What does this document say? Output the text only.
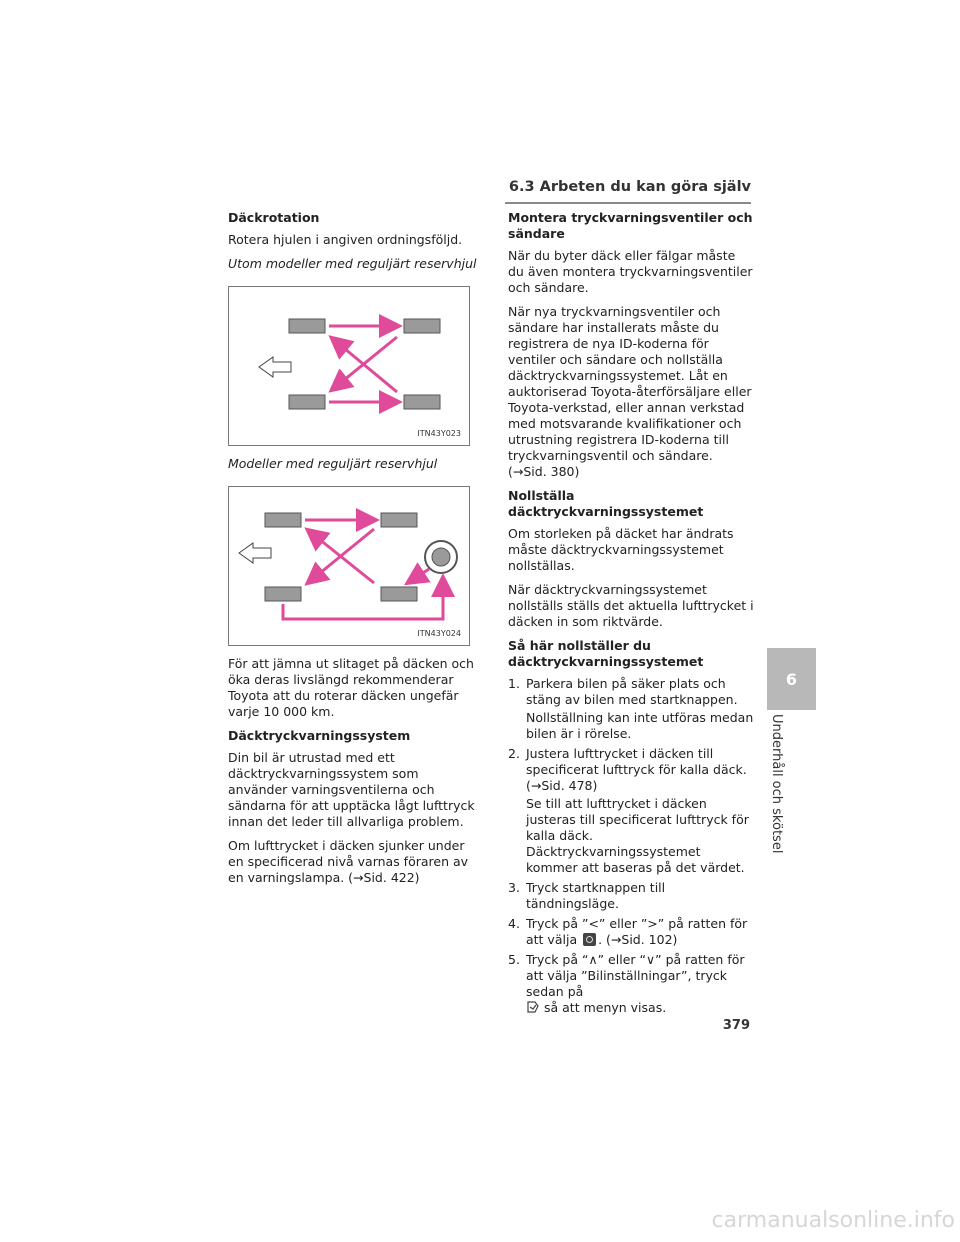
6.3 Arbeten du kan göra själv
Däckrotation
Rotera hjulen i angiven ordningsföljd.
Utom modeller med reguljärt reservhjul
ITN43Y023
Modeller med reguljärt reservhjul
ITN43Y024
För att jämna ut slitaget på däcken och öka deras livslängd rekommenderar Toyota att du roterar däcken ungefär varje 10 000 km.
Däcktryckvarningssystem
Din bil är utrustad med ett däcktryckvarningssystem som använder varningsventilerna och sändarna för att upptäcka lågt lufttryck innan det leder till allvarliga problem.
Om lufttrycket i däcken sjunker under en specificerad nivå varnas föraren av en varningslampa. (→Sid. 422)
Montera tryckvarningsventiler och sändare
När du byter däck eller fälgar måste du även montera tryckvarningsventiler och sändare.
När nya tryckvarningsventiler och sändare har installerats måste du registrera de nya ID-koderna för ventiler och sändare och nollställa däcktryckvarningssystemet. Låt en auktoriserad Toyota-återförsäljare eller Toyota-verkstad, eller annan verkstad med motsvarande kvalifikationer och utrustning registrera ID-koderna till tryckvarningsventil och sändare. (→Sid. 380)
Nollställa däcktryckvarningssystemet
Om storleken på däcket har ändrats måste däcktryckvarningssystemet nollställas.
När däcktryckvarningssystemet nollställs ställs det aktuella lufttrycket i däcken in som riktvärde.
Så här nollställer du däcktryckvarningssystemet
1. Parkera bilen på säker plats och stäng av bilen med startknappen.
Nollställning kan inte utföras medan bilen är i rörelse.
2. Justera lufttrycket i däcken till specificerat lufttryck för kalla däck. (→Sid. 478)
Se till att lufttrycket i däcken justeras till specificerat lufttryck för kalla däck. Däcktryckvarningssystemet kommer att baseras på det värdet.
3. Tryck startknappen till tändningsläge.
4. Tryck på ”<” eller ”>” på ratten för att välja . (→Sid. 102)
5. Tryck på “∧” eller “∨” på ratten för att välja ”Bilinställningar”, tryck sedan på
så att menyn visas.
6
Underhåll och skötsel
379
carmanualsonline.info
